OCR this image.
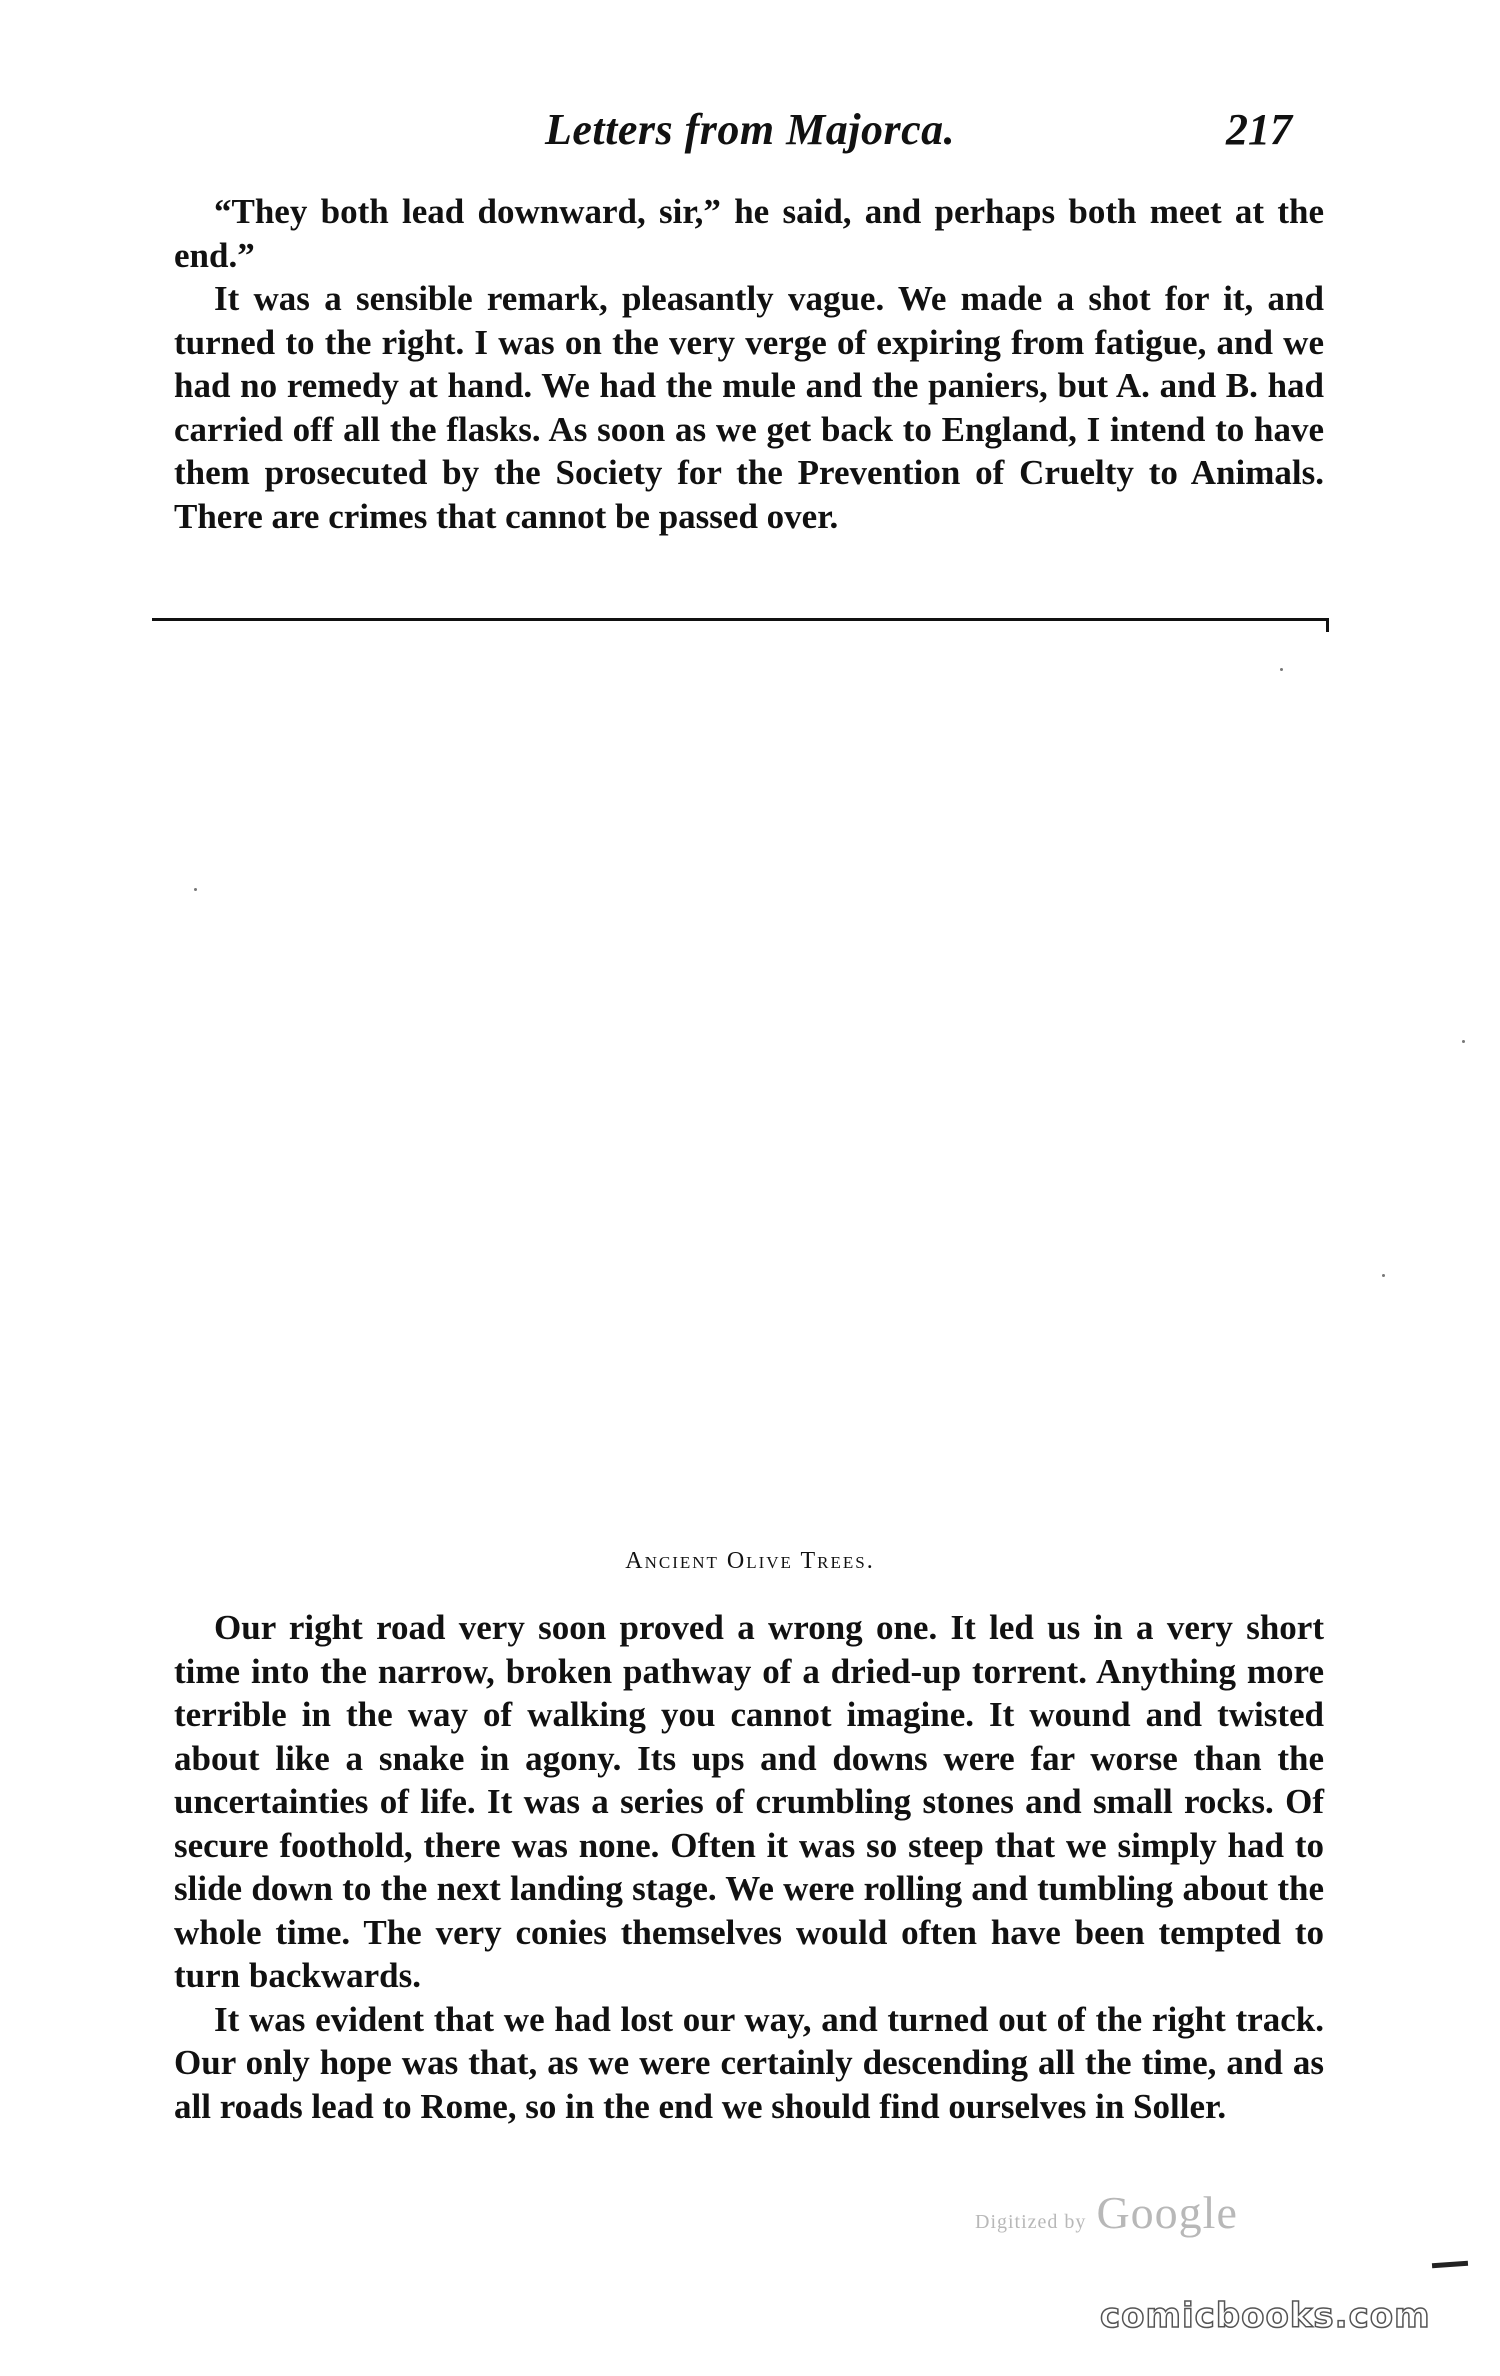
Letters from Majorca.	217

“They both lead downward, sir,” he said, and perhaps both meet at the end.”

It was a sensible remark, pleasantly vague. We made a shot for it, and turned to the right. I was on the very verge of expiring from fatigue, and we had no remedy at hand. We had the mule and the paniers, but A. and B. had carried off all the flasks. As soon as we get back to England, I intend to have them prosecuted by the Society for the Prevention of Cruelty to Animals. There are crimes that cannot be passed over.

Ancient Olive Trees.

Our right road very soon proved a wrong one. It led us in a very short time into the narrow, broken pathway of a dried-up torrent. Anything more terrible in the way of walking you cannot imagine. It wound and twisted about like a snake in agony. Its ups and downs were far worse than the uncertainties of life. It was a series of crumbling stones and small rocks. Of secure foothold, there was none. Often it was so steep that we simply had to slide down to the next landing stage. We were rolling and tumbling about the whole time. The very conies themselves would often have been tempted to turn backwards.

It was evident that we had lost our way, and turned out of the right track. Our only hope was that, as we were certainly descending all the time, and as all roads lead to Rome, so in the end we should find ourselves in Soller.

Digitized by Google
comicbooks.com
